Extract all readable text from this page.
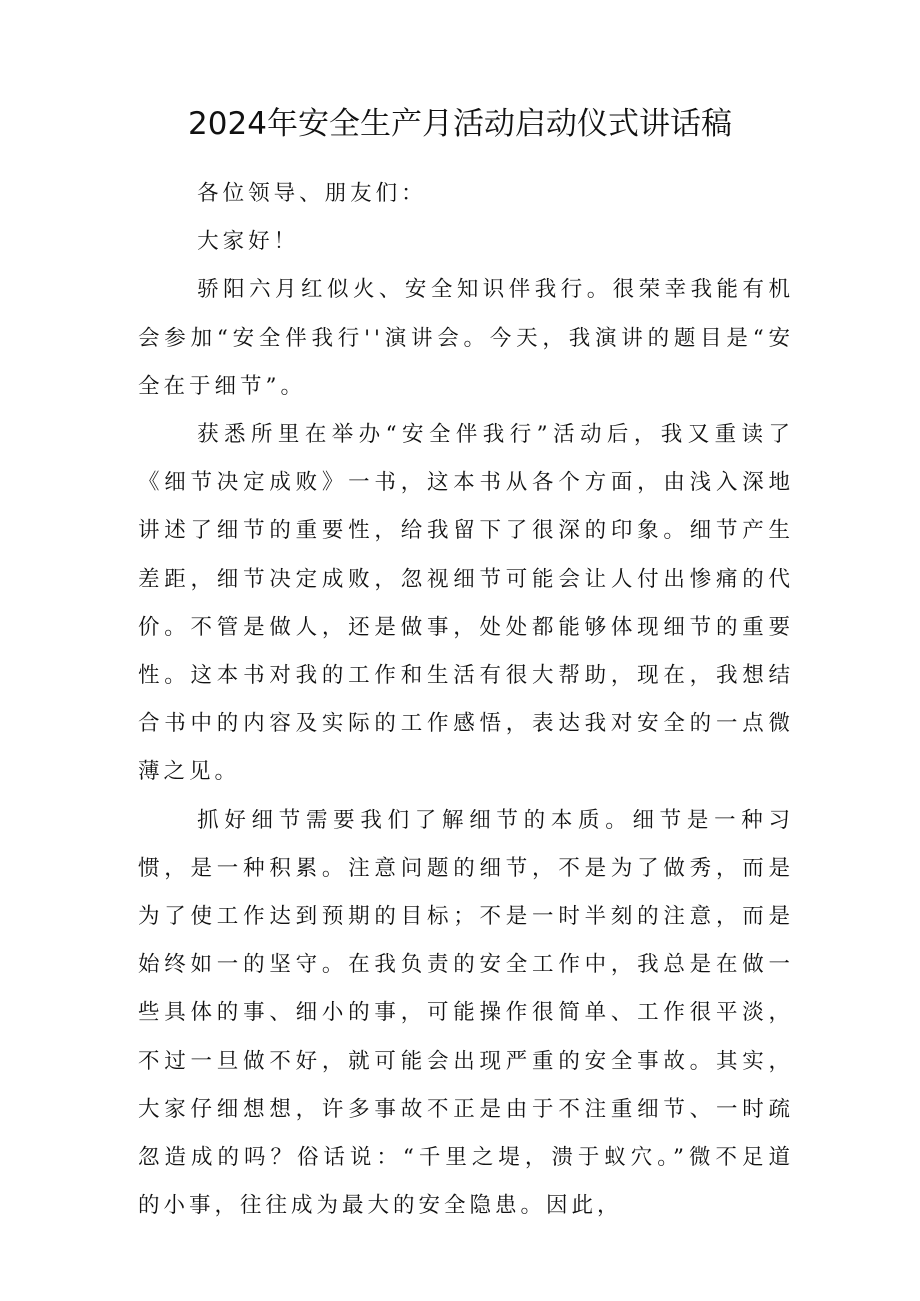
2024年安全生产月活动启动仪式讲话稿

各位领导、朋友们：

大家好！

骄阳六月红似火、安全知识伴我行。很荣幸我能有机会参加“安全伴我行''演讲会。今天，我演讲的题目是“安全在于细节”。

获悉所里在举办“安全伴我行”活动后，我又重读了《细节决定成败》一书，这本书从各个方面，由浅入深地讲述了细节的重要性，给我留下了很深的印象。细节产生差距，细节决定成败，忽视细节可能会让人付出惨痛的代价。不管是做人，还是做事，处处都能够体现细节的重要性。这本书对我的工作和生活有很大帮助，现在，我想结合书中的内容及实际的工作感悟，表达我对安全的一点微薄之见。

抓好细节需要我们了解细节的本质。细节是一种习惯，是一种积累。注意问题的细节，不是为了做秀，而是为了使工作达到预期的目标；不是一时半刻的注意，而是始终如一的坚守。在我负责的安全工作中，我总是在做一些具体的事、细小的事，可能操作很简单、工作很平淡，不过一旦做不好，就可能会出现严重的安全事故。其实，大家仔细想想，许多事故不正是由于不注重细节、一时疏忽造成的吗？俗话说：“千里之堤，溃于蚁穴。”微不足道的小事，往往成为最大的安全隐患。因此，
